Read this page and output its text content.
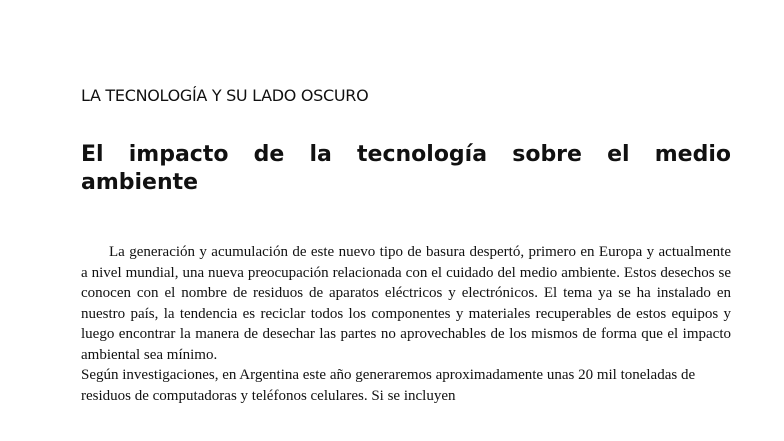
LA TECNOLOGÍA Y SU LADO OSCURO
El impacto de la tecnología sobre el medio ambiente

La generación y acumulación de este nuevo tipo de basura despertó, primero en Europa y actualmente a nivel mundial, una nueva preocupación relacionada con el cuidado del medio ambiente. Estos desechos se conocen con el nombre de residuos de aparatos eléctricos y electrónicos. El tema ya se ha instalado en nuestro país, la tendencia es reciclar todos los componentes y materiales recuperables de estos equipos y luego encontrar la manera de desechar las partes no aprovechables de los mismos de forma que el impacto ambiental sea mínimo.

Según investigaciones, en Argentina este año generaremos aproximadamente unas 20 mil toneladas de residuos de computadoras y teléfonos celulares. Si se incluyen
